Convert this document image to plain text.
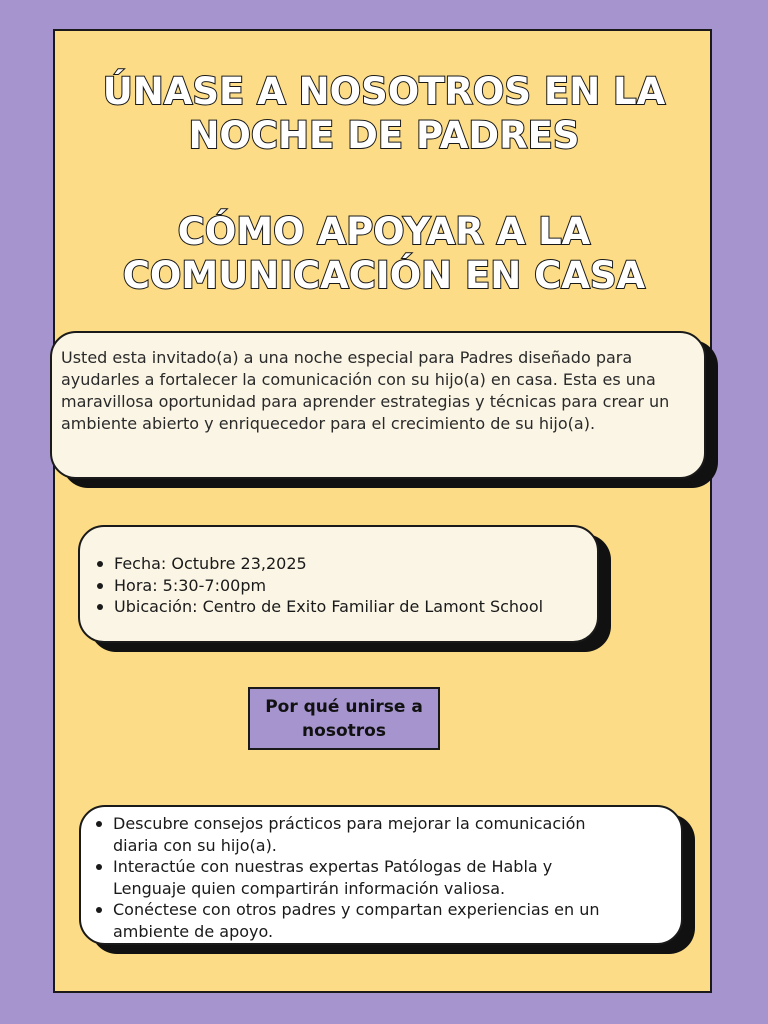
ÚNASE A NOSOTROS EN LA
NOCHE DE PADRES
CÓMO APOYAR A LA
COMUNICACIÓN EN CASA

Usted esta invitado(a) a una noche especial para Padres diseñado para ayudarles a fortalecer la comunicación con su hijo(a) en casa. Esta es una maravillosa oportunidad para aprender estrategias y técnicas para crear un ambiente abierto y enriquecedor para el crecimiento de su hijo(a).

Fecha: Octubre 23,2025
Hora: 5:30-7:00pm
Ubicación: Centro de Exito Familiar de Lamont School
Por qué unirse a nosotros
Descubre consejos prácticos para mejorar la comunicación diaria con su hijo(a).
Interactúe con nuestras expertas Patólogas de Habla y Lenguaje quien compartirán información valiosa.
Conéctese con otros padres y compartan experiencias en un ambiente de apoyo.
